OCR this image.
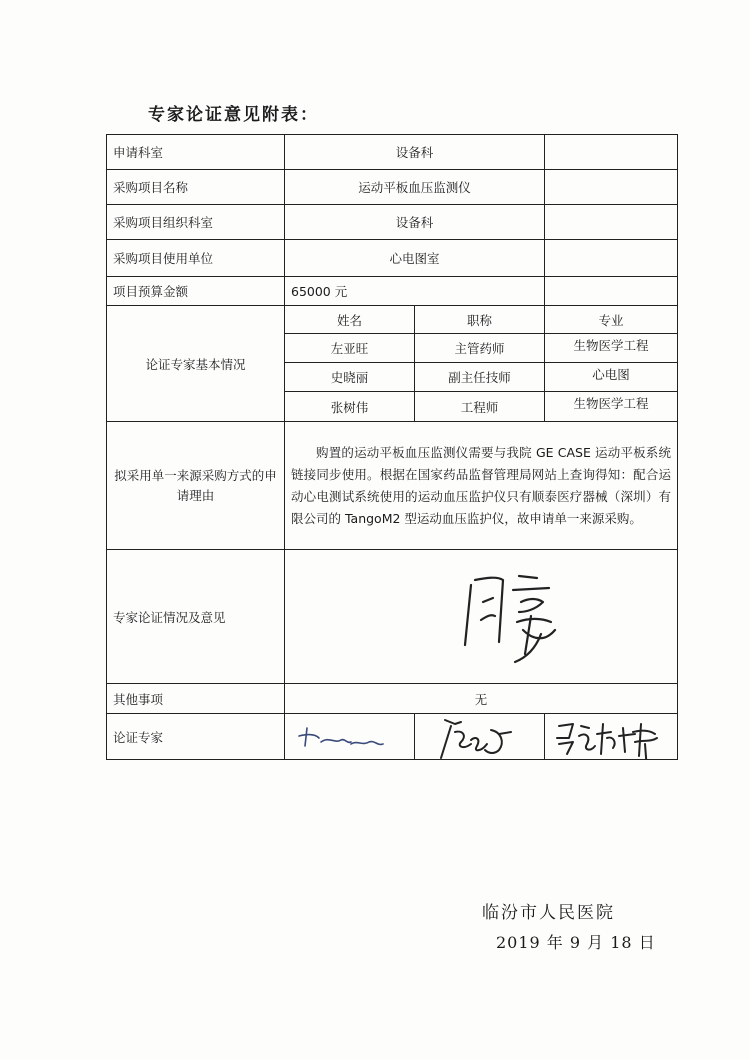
专家论证意见附表：
申请科室	设备科		
采购项目名称	运动平板血压监测仪		
采购项目组织科室	设备科		
采购项目使用单位	心电图室		
项目预算金额	65000 元		
论证专家基本情况	姓名	职称	专业
	左亚旺	主管药师	生物医学工程
	史晓丽	副主任技师	心电图
	张树伟	工程师	生物医学工程
拟采用单一来源采购方式的申请理由	购置的运动平板血压监测仪需要与我院 GE CASE 运动平板系统链接同步使用。根据在国家药品监督管理局网站上查询得知：配合运动心电测试系统使用的运动血压监护仪只有顺泰医疗器械（深圳）有限公司的 TangoM2 型运动血压监护仪，故申请单一来源采购。		
专家论证情况及意见	

其他事项	无		
论证专家	

临汾市人民医院
2019 年 9 月 18 日
